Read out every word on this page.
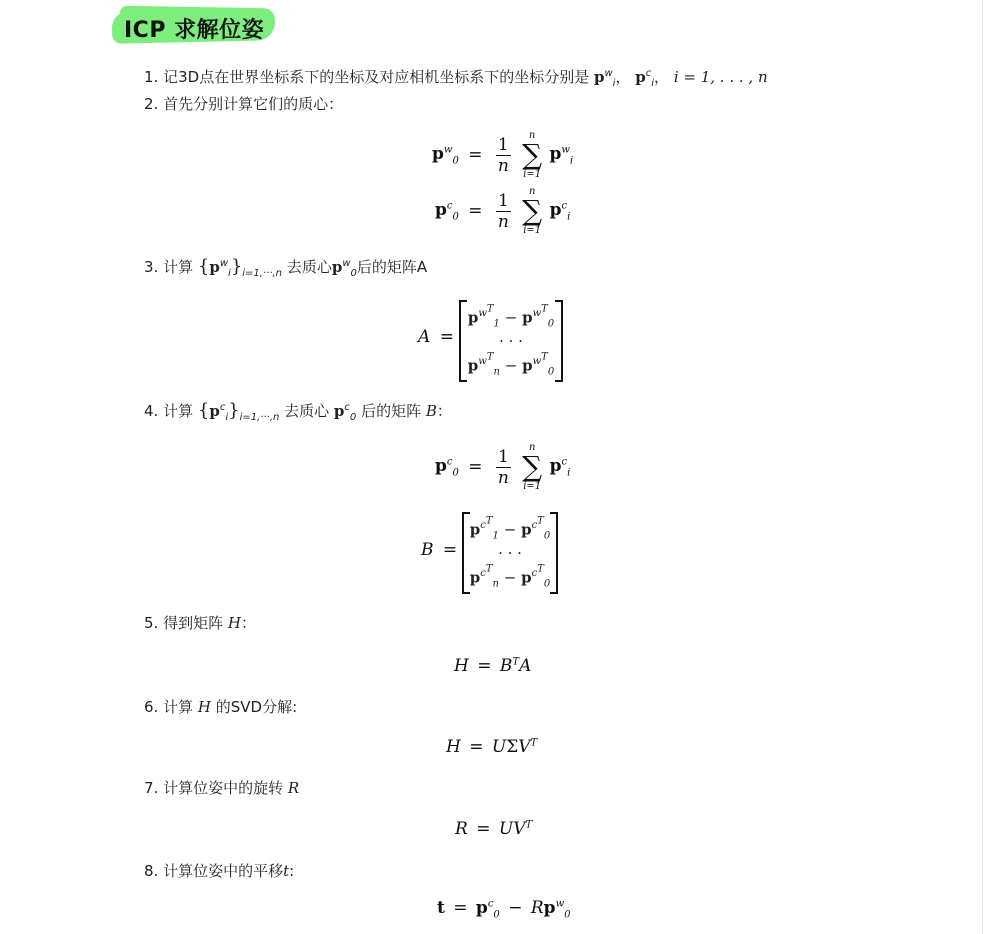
ICP 求解位姿
1. 记3D点在世界坐标系下的坐标及对应相机坐标系下的坐标分别是 $p^w_i$， $p^c_i$， i = 1, . . . , n
2. 首先分别计算它们的质心：
$p^w_0 = \frac{1}{n}$
	n
∑
i=1
$p^w_i$
$p^c_0 = \frac{1}{n}$
	n
∑
i=1
$p^c_i$
3. 计算 $\{p^w_i\}_{i=1,\cdot\cdot\cdot,n}$ 去质心$p^w_0$后的矩阵A
A =
$p^{w^T}_1 - p^{w^T}_0$
. . .
$p^{w^T}_n - p^{w^T}_0$
4. 计算 $\{p^c_i\}_{i=1,\cdot\cdot\cdot,n}$ 去质心 $p^c_0$ 后的矩阵 B：
$p^c_0 = \frac{1}{n}$
	n
∑
i=1
$p^c_i$
B =
$p^{c^T}_1 - p^{c^T}_0$
. . .
$p^{c^T}_n - p^{c^T}_0$
5. 得到矩阵 H：
$H = B^TA$
6. 计算 H 的SVD分解:
$H = U\Sigma V^T$
7. 计算位姿中的旋转 R
$R = UV^T$
8. 计算位姿中的平移t:
$t = p^c_0 - Rp^w_0$
